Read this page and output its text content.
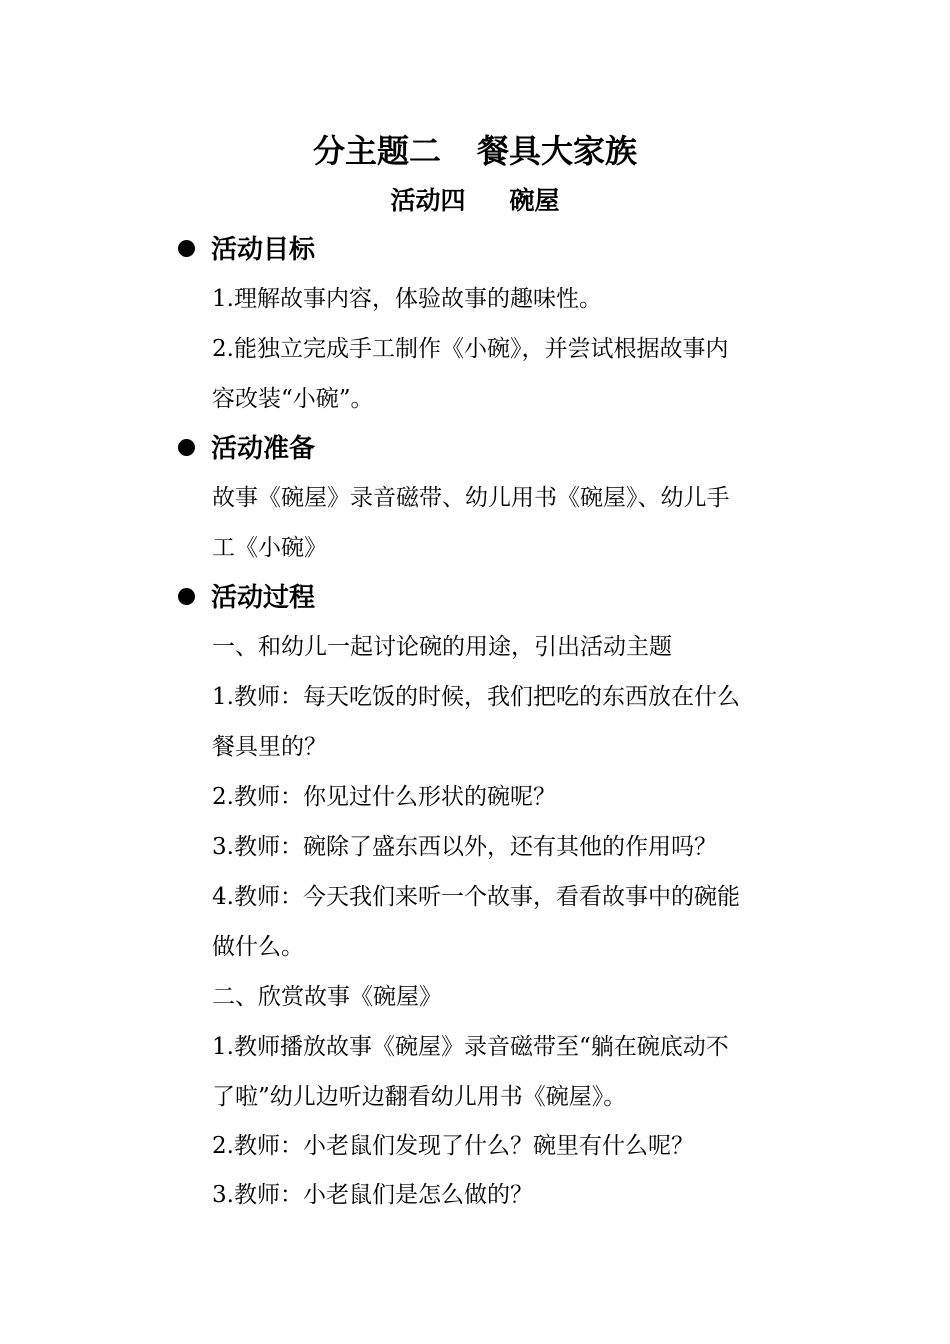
分主题二 餐具大家族
活动四 碗屋
活动目标
1.理解故事内容，体验故事的趣味性。
2.能独立完成手工制作《小碗》，并尝试根据故事内
容改装“小碗”。
活动准备
故事《碗屋》录音磁带、幼儿用书《碗屋》、幼儿手
工《小碗》
活动过程
一、和幼儿一起讨论碗的用途，引出活动主题
1.教师：每天吃饭的时候，我们把吃的东西放在什么
餐具里的？
2.教师：你见过什么形状的碗呢？
3.教师：碗除了盛东西以外，还有其他的作用吗？
4.教师：今天我们来听一个故事，看看故事中的碗能
做什么。
二、欣赏故事《碗屋》
1.教师播放故事《碗屋》录音磁带至“躺在碗底动不
了啦”幼儿边听边翻看幼儿用书《碗屋》。
2.教师：小老鼠们发现了什么？碗里有什么呢？
3.教师：小老鼠们是怎么做的？
